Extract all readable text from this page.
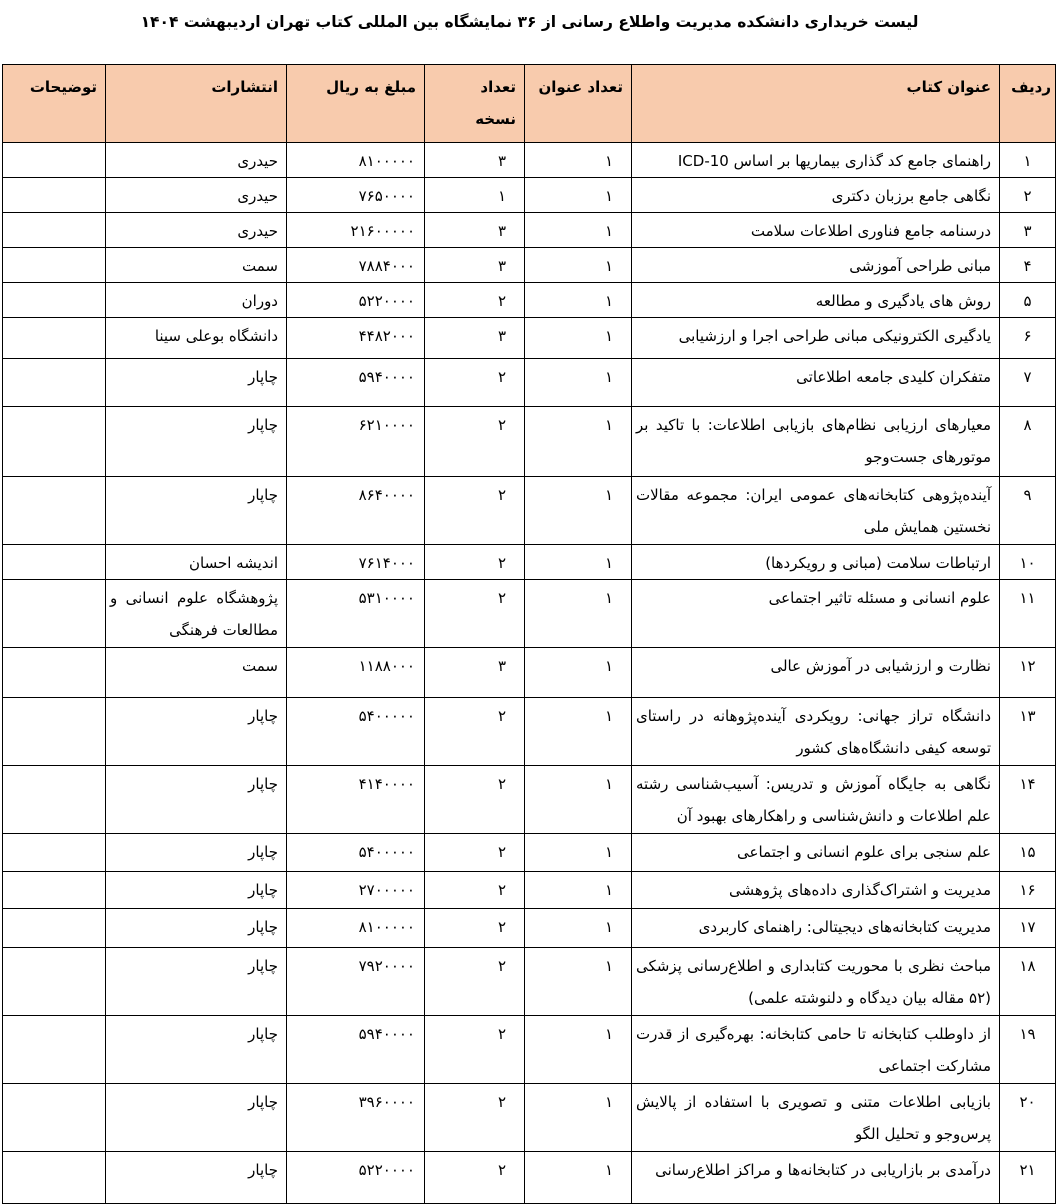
لیست خریداری دانشکده مدیریت واطلاع رسانی از ۳۶ نمایشگاه بین المللی کتاب تهران اردیبهشت ۱۴۰۴
ردیف	عنوان کتاب	تعداد عنوان	تعداد نسخه	مبلغ به ریال	انتشارات	توضیحات
۱	راهنمای جامع کد گذاری بیماریها بر اساس ICD-10	۱	۳	۸۱۰۰۰۰۰	حیدری	
۲	نگاهی جامع برزبان دکتری	۱	۱	۷۶۵۰۰۰۰	حیدری	
۳	درسنامه جامع فناوری اطلاعات سلامت	۱	۳	۲۱۶۰۰۰۰۰	حیدری	
۴	مبانی طراحی آموزشی	۱	۳	۷۸۸۴۰۰۰	سمت	
۵	روش های یادگیری و مطالعه	۱	۲	۵۲۲۰۰۰۰	دوران	
۶	یادگیری الکترونیکی مبانی طراحی اجرا و ارزشیابی	۱	۳	۴۴۸۲۰۰۰	دانشگاه بوعلی سینا	
۷	متفکران کلیدی جامعه اطلاعاتی	۱	۲	۵۹۴۰۰۰۰	چاپار	
۸	معیارهای ارزیابی نظام‌های بازیابی اطلاعات: با تاکید بر موتورهای جست‌وجو	۱	۲	۶۲۱۰۰۰۰	چاپار	
۹	آینده‌پژوهی کتابخانه‌های عمومی ایران: مجموعه مقالات نخستین همایش ملی	۱	۲	۸۶۴۰۰۰۰	چاپار	
۱۰	ارتباطات سلامت (مبانی و رویکردها)	۱	۲	۷۶۱۴۰۰۰	اندیشه احسان	
۱۱	علوم انسانی و مسئله تاثیر اجتماعی	۱	۲	۵۳۱۰۰۰۰	پژوهشگاه علوم انسانی و مطالعات فرهنگی	
۱۲	نظارت و ارزشیابی در آموزش عالی	۱	۳	۱۱۸۸۰۰۰	سمت	
۱۳	دانشگاه تراز جهانی: رویکردی آینده‌پژوهانه در راستای توسعه کیفی دانشگاه‌های کشور	۱	۲	۵۴۰۰۰۰۰	چاپار	
۱۴	نگاهی به جایگاه آموزش و تدریس: آسیب‌شناسی رشته علم اطلاعات و دانش‌شناسی و راهکارهای بهبود آن	۱	۲	۴۱۴۰۰۰۰	چاپار	
۱۵	علم سنجی برای علوم انسانی و اجتماعی	۱	۲	۵۴۰۰۰۰۰	چاپار	
۱۶	مدیریت و اشتراک‌گذاری داده‌های پژوهشی	۱	۲	۲۷۰۰۰۰۰	چاپار	
۱۷	مدیریت کتابخانه‌های دیجیتالی: راهنمای کاربردی	۱	۲	۸۱۰۰۰۰۰	چاپار	
۱۸	مباحث نظری با محوریت کتابداری و اطلاع‌رسانی پزشکی (۵۲ مقاله بیان دیدگاه و دلنوشته علمی)	۱	۲	۷۹۲۰۰۰۰	چاپار	
۱۹	از داوطلب کتابخانه تا حامی کتابخانه: بهره‌گیری از قدرت مشارکت اجتماعی	۱	۲	۵۹۴۰۰۰۰	چاپار	
۲۰	بازیابی اطلاعات متنی و تصویری با استفاده از پالایش پرس‌وجو و تحلیل الگو	۱	۲	۳۹۶۰۰۰۰	چاپار	
۲۱	درآمدی بر بازاریابی در کتابخانه‌ها و مراکز اطلاع‌رسانی	۱	۲	۵۲۲۰۰۰۰	چاپار	
